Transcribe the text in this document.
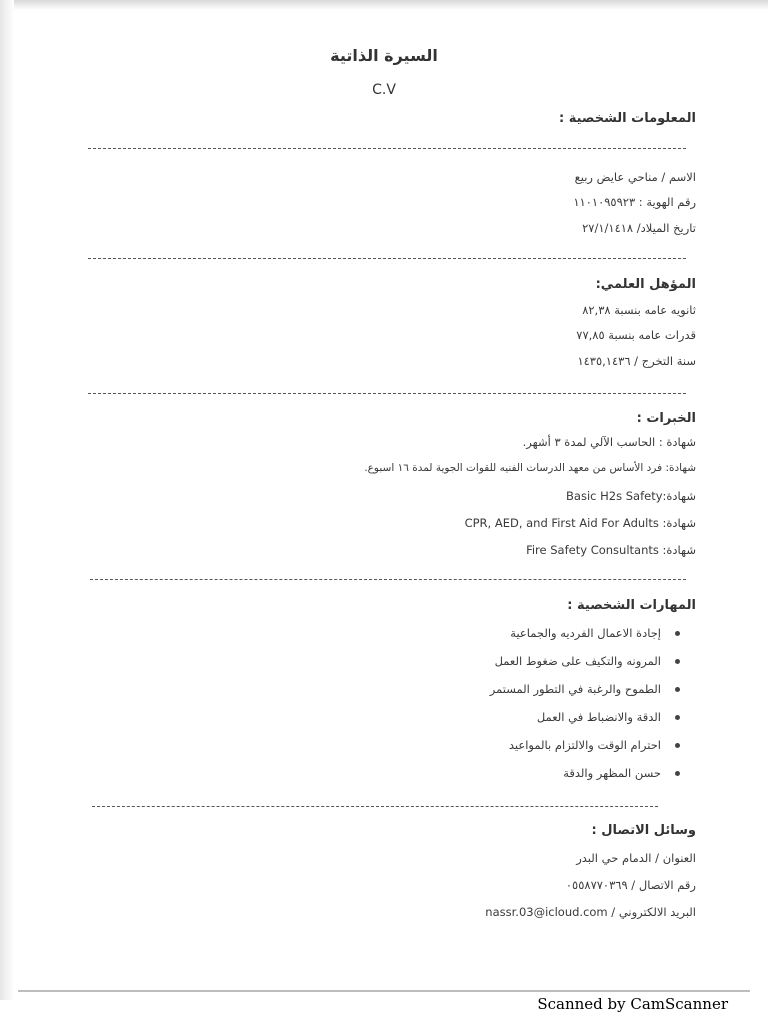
السيرة الذاتية
C.V
المعلومات الشخصية :
الاسم / مناحي عايض ربيع
رقم الهوية : ١١٠١٠٩٥٩٢٣
تاريخ الميلاد/ ٢٧/١/١٤١٨
المؤهل العلمي:
ثانويه عامه بنسبة ٨٢,٣٨
قدرات عامه بنسبة ٧٧,٨٥
سنة التخرج / ١٤٣٥,١٤٣٦
الخبرات :
شهادة : الحاسب الآلي لمدة ٣ أشهر.
شهادة: فرد الأساس من معهد الدرسات الفنيه للقوات الجوية لمدة ١٦ اسبوع.
شهادة:Basic H2s Safety
شهادة: CPR, AED, and First Aid For Adults
شهادة: Fire Safety Consultants
المهارات الشخصية :
إجادة الاعمال الفرديه والجماعية
المرونه والتكيف على ضغوط العمل
الطموح والرغبة في التطور المستمر
الدقة والانضباط في العمل
احترام الوقت والالتزام بالمواعيد
حسن المظهر والدقة
وسائل الاتصال :
العنوان / الدمام حي البدر
رقم الاتصال / ٠٥٥٨٧٧٠٣٦٩
البريد الالكتروني / nassr.03@icloud.com
Scanned by CamScanner
